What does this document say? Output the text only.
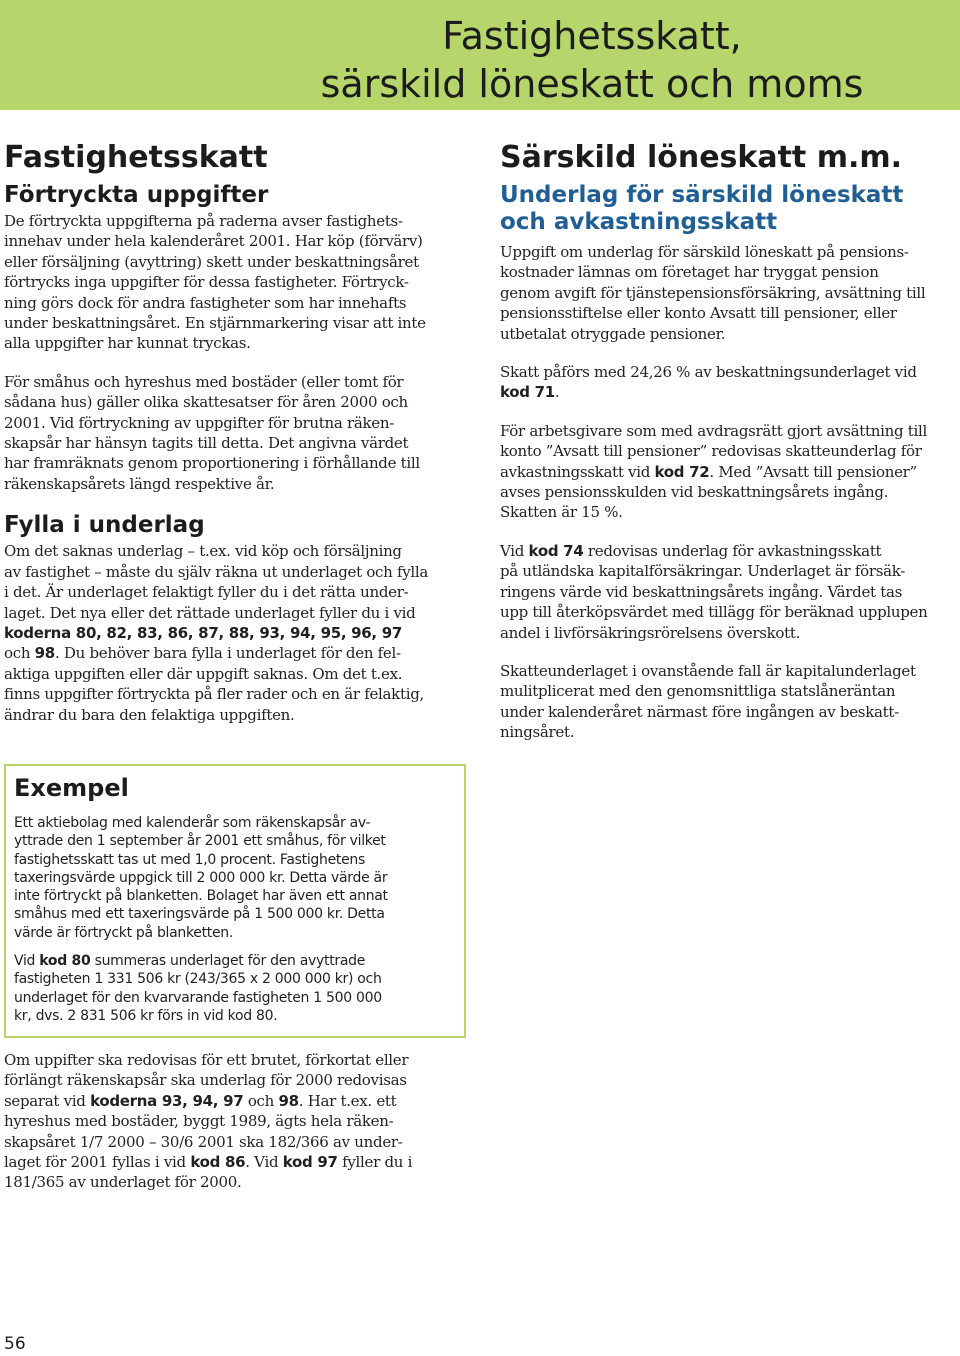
Fastighetsskatt,
särskild löneskatt och moms
Fastighetsskatt
Förtryckta uppgifter

De förtryckta uppgifterna på raderna avser fastighets-
innehav under hela kalenderåret 2001. Har köp (förvärv)
eller försäljning (avyttring) skett under beskattningsåret
förtrycks inga uppgifter för dessa fastigheter. Förtryck-
ning görs dock för andra fastigheter som har innehafts
under beskattningsåret. En stjärnmarkering visar att inte
alla uppgifter har kunnat tryckas.

För småhus och hyreshus med bostäder (eller tomt för
sådana hus) gäller olika skattesatser för åren 2000 och
2001. Vid förtryckning av uppgifter för brutna räken-
skapsår har hänsyn tagits till detta. Det angivna värdet
har framräknats genom proportionering i förhållande till
räkenskapsårets längd respektive år.

Fylla i underlag

Om det saknas underlag – t.ex. vid köp och försäljning
av fastighet – måste du själv räkna ut underlaget och fylla
i det. Är underlaget felaktigt fyller du i det rätta under-
laget. Det nya eller det rättade underlaget fyller du i vid
koderna 80, 82, 83, 86, 87, 88, 93, 94, 95, 96, 97
och 98. Du behöver bara fylla i underlaget för den fel-
aktiga uppgiften eller där uppgift saknas. Om det t.ex.
finns uppgifter förtryckta på fler rader och en är felaktig,
ändrar du bara den felaktiga uppgiften.

Exempel

Ett aktiebolag med kalenderår som räkenskapsår av-
yttrade den 1 september år 2001 ett småhus, för vilket
fastighetsskatt tas ut med 1,0 procent. Fastighetens
taxeringsvärde uppgick till 2 000 000 kr. Detta värde är
inte förtryckt på blanketten. Bolaget har även ett annat
småhus med ett taxeringsvärde på 1 500 000 kr. Detta
värde är förtryckt på blanketten.

Vid kod 80 summeras underlaget för den avyttrade
fastigheten 1 331 506 kr (243/365 x 2 000 000 kr) och
underlaget för den kvarvarande fastigheten 1 500 000
kr, dvs. 2 831 506 kr förs in vid kod 80.

Om uppifter ska redovisas för ett brutet, förkortat eller
förlängt räkenskapsår ska underlag för 2000 redovisas
separat vid koderna 93, 94, 97 och 98. Har t.ex. ett
hyreshus med bostäder, byggt 1989, ägts hela räken-
skapsåret 1/7 2000 – 30/6 2001 ska 182/366 av under-
laget för 2001 fyllas i vid kod 86. Vid kod 97 fyller du i
181/365 av underlaget för 2000.

Särskild löneskatt m.m.
Underlag för särskild löneskatt
och avkastningsskatt

Uppgift om underlag för särskild löneskatt på pensions-
kostnader lämnas om företaget har tryggat pension
genom avgift för tjänstepensionsförsäkring, avsättning till
pensionsstiftelse eller konto Avsatt till pensioner, eller
utbetalat otryggade pensioner.

Skatt påförs med 24,26 % av beskattningsunderlaget vid
kod 71.

För arbetsgivare som med avdragsrätt gjort avsättning till
konto ”Avsatt till pensioner” redovisas skatteunderlag för
avkastningsskatt vid kod 72. Med ”Avsatt till pensioner”
avses pensionsskulden vid beskattningsårets ingång.
Skatten är 15 %.

Vid kod 74 redovisas underlag för avkastningsskatt
på utländska kapitalförsäkringar. Underlaget är försäk-
ringens värde vid beskattningsårets ingång. Värdet tas
upp till återköpsvärdet med tillägg för beräknad upplupen
andel i livförsäkringsrörelsens överskott.

Skatteunderlaget i ovanstående fall är kapitalunderlaget
mulitplicerat med den genomsnittliga statslåneräntan
under kalenderåret närmast före ingången av beskatt-
ningsåret.

56
